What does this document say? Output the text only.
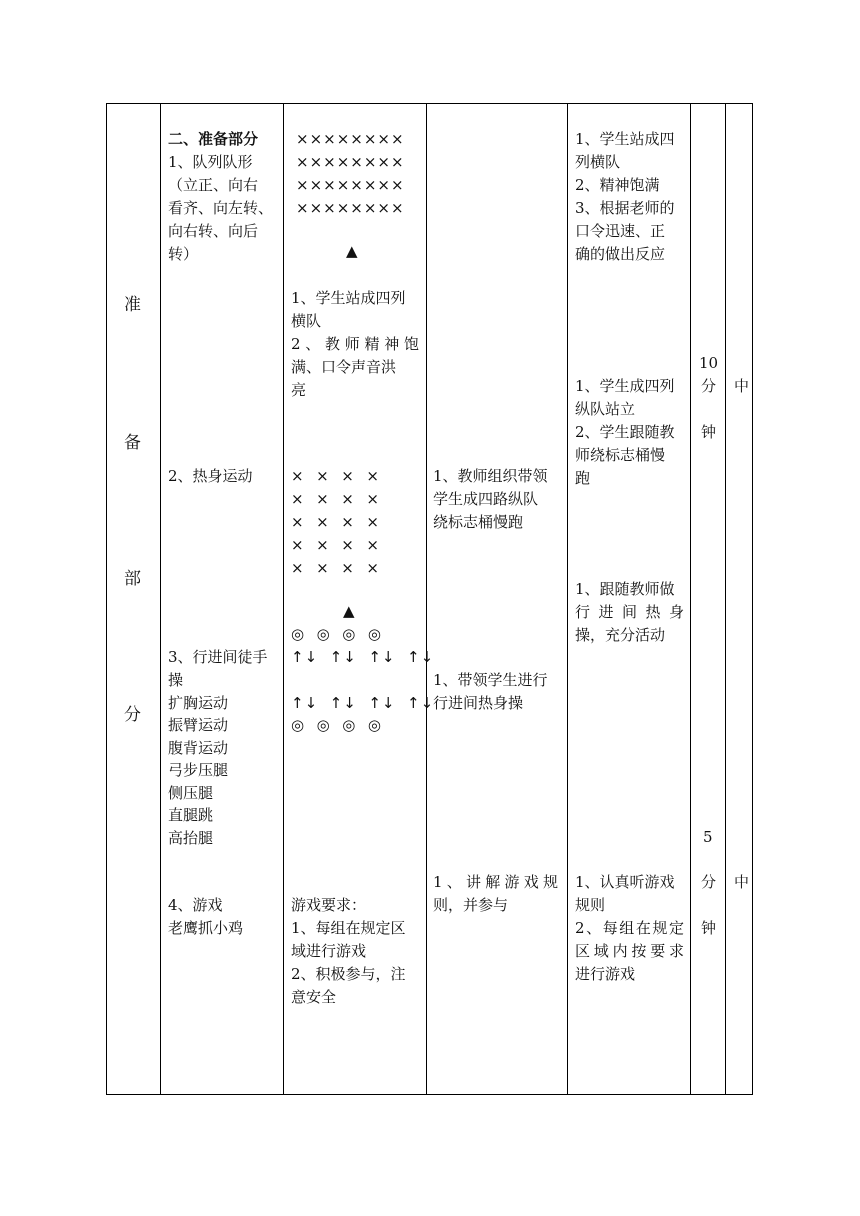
准
备
部
分
二、准备部分
1、队列队形
（立正、向右
看齐、向左转、
向右转、向后
转）
2、热身运动
3、行进间徒手
操
扩胸运动
振臂运动
腹背运动
弓步压腿
侧压腿
直腿跳
高抬腿
4、游戏
老鹰抓小鸡
××××××××
××××××××
××××××××
××××××××
▲
1、学生站成四列
横队
2、教师精神饱
满、口令声音洪
亮
×  ×  ×  ×
×  ×  ×  ×
×  ×  ×  ×
×  ×  ×  ×
×  ×  ×  ×
▲
◎  ◎  ◎  ◎
↑↓  ↑↓  ↑↓  ↑↓
↑↓  ↑↓  ↑↓  ↑↓
◎  ◎  ◎  ◎
游戏要求：
1、每组在规定区
域进行游戏
2、积极参与，注
意安全
1、教师组织带领
学生成四路纵队
绕标志桶慢跑
1、带领学生进行
行进间热身操
1、讲解游戏规
则，并参与
1、学生站成四
列横队
2、精神饱满
3、根据老师的
口令迅速、正
确的做出反应
1、学生成四列
纵队站立
2、学生跟随教
师绕标志桶慢
跑
1、跟随教师做
行进间热身
操，充分活动
1、认真听游戏
规则
2、每组在规定
区域内按要求
进行游戏
10
分
钟
5
分
钟
中
中
